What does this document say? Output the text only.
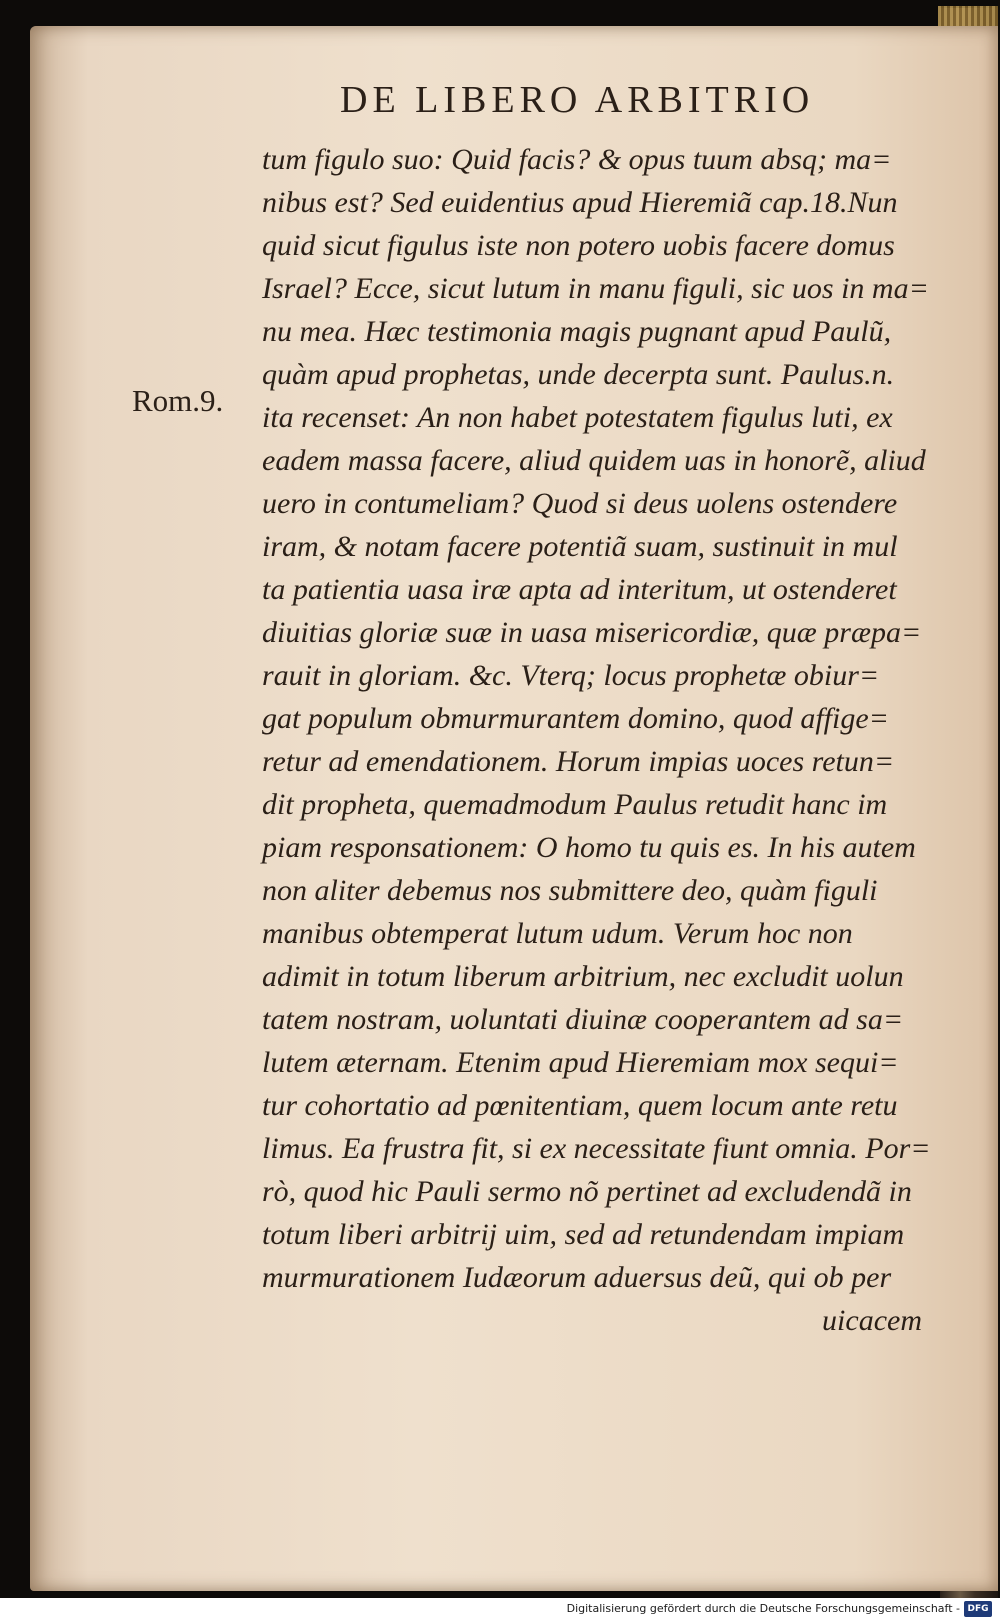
DE LIBERO ARBITRIO
Rom.9.
tum figulo suo: Quid facis? & opus tuum absq; ma=
nibus est? Sed euidentius apud Hieremiã cap.18.Nun
quid sicut figulus iste non potero uobis facere domus
Israel? Ecce, sicut lutum in manu figuli, sic uos in ma=
nu mea. Hæc testimonia magis pugnant apud Paulũ,
quàm apud prophetas, unde decerpta sunt. Paulus.n.
ita recenset: An non habet potestatem figulus luti, ex
eadem massa facere, aliud quidem uas in honorẽ, aliud
uero in contumeliam? Quod si deus uolens ostendere
iram, & notam facere potentiã suam, sustinuit in mul
ta patientia uasa iræ apta ad interitum, ut ostenderet
diuitias gloriæ suæ in uasa misericordiæ, quæ præpa=
rauit in gloriam. &c. Vterq; locus prophetæ obiur=
gat populum obmurmurantem domino, quod affige=
retur ad emendationem. Horum impias uoces retun=
dit propheta, quemadmodum Paulus retudit hanc im
piam responsationem: O homo tu quis es. In his autem
non aliter debemus nos submittere deo, quàm figuli
manibus obtemperat lutum udum. Verum hoc non
adimit in totum liberum arbitrium, nec excludit uolun
tatem nostram, uoluntati diuinæ cooperantem ad sa=
lutem æternam. Etenim apud Hieremiam mox sequi=
tur cohortatio ad pœnitentiam, quem locum ante retu
limus. Ea frustra fit, si ex necessitate fiunt omnia. Por=
rò, quod hic Pauli sermo nõ pertinet ad excludendã in
totum liberi arbitrij uim, sed ad retundendam impiam
murmurationem Iudæorum aduersus deũ, qui ob per
uicacem
Digitalisierung gefördert durch die Deutsche Forschungsgemeinschaft - DFG
